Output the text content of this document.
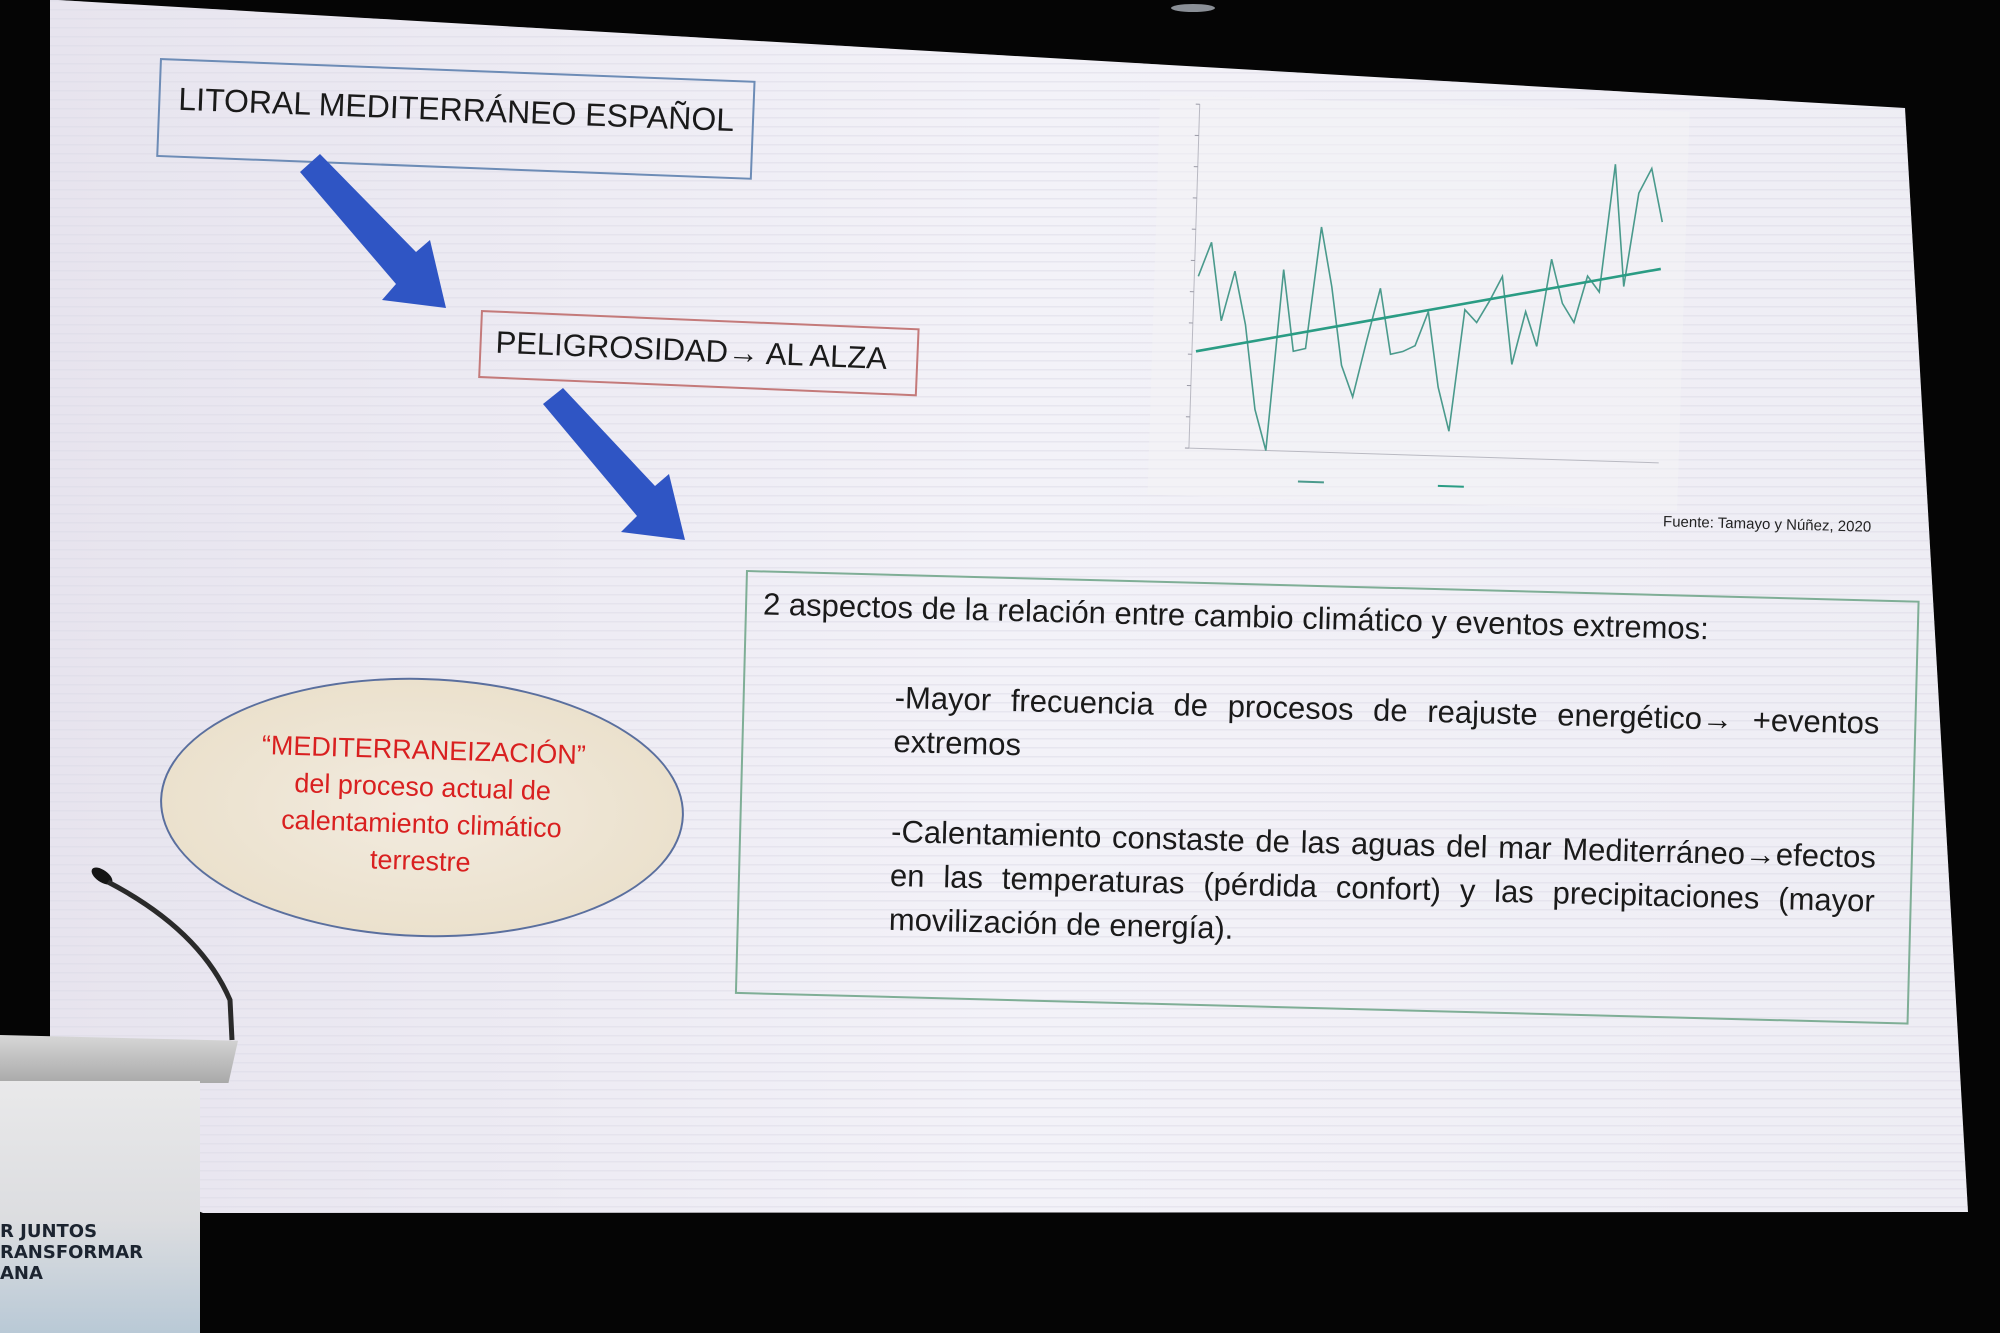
LITORAL MEDITERRÁNEO ESPAÑOL
PELIGROSIDAD→ AL ALZA
“MEDITERRANEIZACIÓN”
del proceso actual de
calentamiento climático
terrestre
Fuente: Tamayo y Núñez, 2020
2 aspectos de la relación entre cambio climático y eventos extremos:
-Mayor frecuencia de procesos de reajuste energético→ +eventos extremos
-Calentamiento constaste de las aguas del mar Mediterráneo→efectos en las temperaturas (pérdida confort) y las precipitaciones (mayor movilización de energía).
R JUNTOS
RANSFORMAR
ANA
